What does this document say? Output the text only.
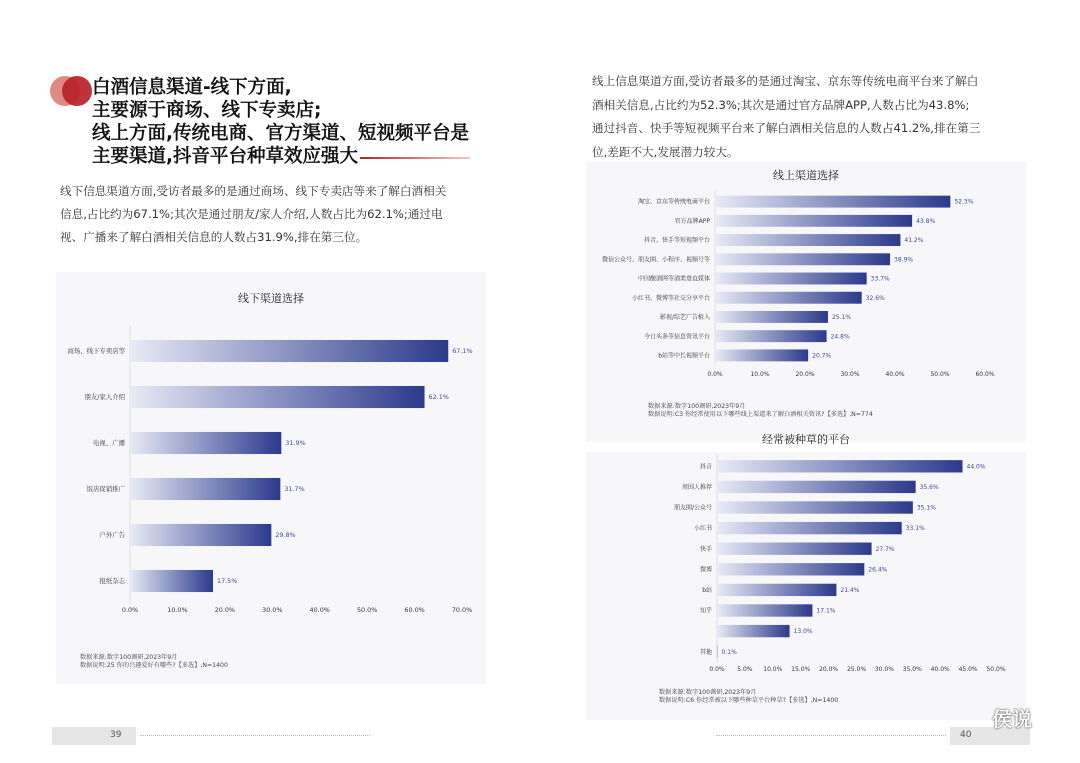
白酒信息渠道-线下方面,
主要源于商场、线下专卖店;
线上方面,传统电商、官方渠道、短视频平台是
主要渠道,抖音平台种草效应强大
线下信息渠道方面,受访者最多的是通过商场、线下专卖店等来了解白酒相关
信息,占比约为67.1%;其次是通过朋友/家人介绍,人数占比为62.1%;通过电
视、广播来了解白酒相关信息的人数占31.9%,排在第三位。
线下渠道选择
商场、线下专卖店等	67.1%
朋友/家人介绍	62.1%
电视、广播	31.9%
饭店促销推广	31.7%
户外广告	29.8%
报纸杂志	17.5%
0.0%	10.0%	20.0%	30.0%	40.0%	50.0%	60.0%	70.0%
数据来源:数字100调研,2023年9月
数据说明:25 你的兴趣爱好有哪些?【多选】,N=1400
39
线上信息渠道方面,受访者最多的是通过淘宝、京东等传统电商平台来了解白
酒相关信息,占比约为52.3%;其次是通过官方品牌APP,人数占比为43.8%;
通过抖音、快手等短视频平台来了解白酒相关信息的人数占41.2%,排在第三
位,差距不大,发展潜力较大。
线上渠道选择
淘宝、京东等传统电商平台	52.3%
官方品牌APP	43.8%
抖音、快手等短视频平台	41.2%
微信公众号、朋友圈、小程序、视频号等	38.9%
中国酿酒网等酒类垂直媒体	33.7%
小红书、微博等社交分享平台	32.6%
影视/综艺广告植入	25.1%
今日头条等信息资讯平台	24.8%
b站等中长视频平台	20.7%
0.0%	10.0%	20.0%	30.0%	40.0%	50.0%	60.0%
数据来源:数字100调研,2023年9月
数据说明:C3 你经常使用以下哪些线上渠道来了解白酒相关资讯?【多选】,N=774
经常被种草的平台
抖音	44.0%
周围人推荐	35.6%
朋友圈/公众号	35.1%
小红书	33.1%
快手	27.7%
微博	26.4%
b站	21.4%
知乎	17.1%
13.0%
其他 0.1%
0.0% 5.0% 10.0% 15.0% 20.0% 25.0% 30.0% 35.0% 40.0% 45.0% 50.0%
数据来源:数字100调研,2023年9月
数据说明:C6 你经常被以下哪些种草平台种草?【多选】,N=1400
40
侯说
